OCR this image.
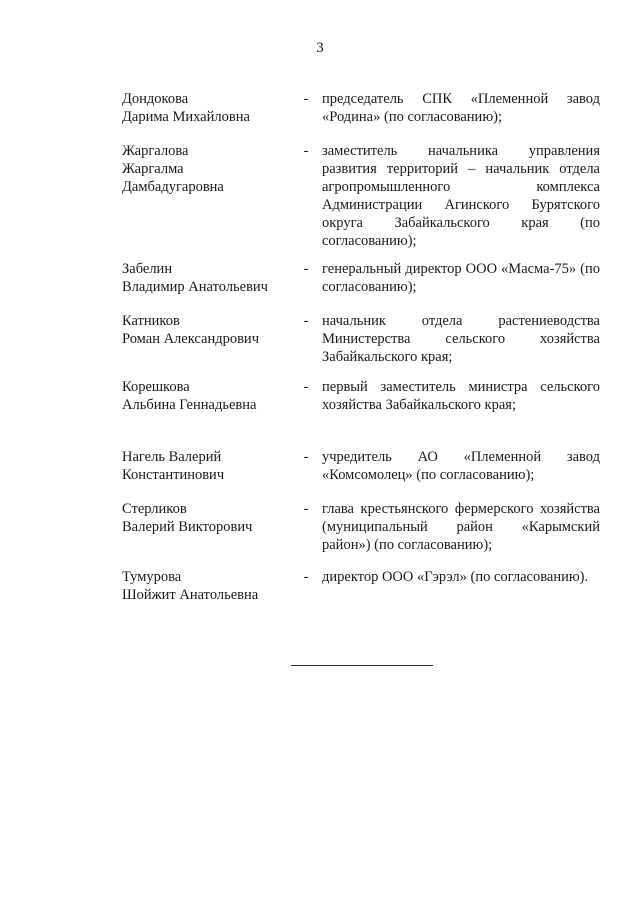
3
Дондокова
Дарима Михайловна
- председатель СПК «Племенной завод
«Родина» (по согласованию);
Жаргалова
Жаргалма
Дамбадугаровна
- заместитель начальника управления
развития территорий – начальник отдела
агропромышленного комплекса
Администрации Агинского Бурятского
округа Забайкальского края (по
согласованию);
Забелин
Владимир Анатольевич
- генеральный директор ООО «Масма-75» (по
согласованию);
Катников
Роман Александрович
- начальник отдела растениеводства
Министерства сельского хозяйства
Забайкальского края;
Корешкова
Альбина Геннадьевна
- первый заместитель министра сельского
хозяйства Забайкальского края;
Нагель Валерий
Константинович
- учредитель АО «Племенной завод
«Комсомолец» (по согласованию);
Стерликов
Валерий Викторович
- глава крестьянского фермерского хозяйства
(муниципальный район «Карымский
район») (по согласованию);
Тумурова
Шойжит Анатольевна
- директор ООО «Гэрэл» (по согласованию).
